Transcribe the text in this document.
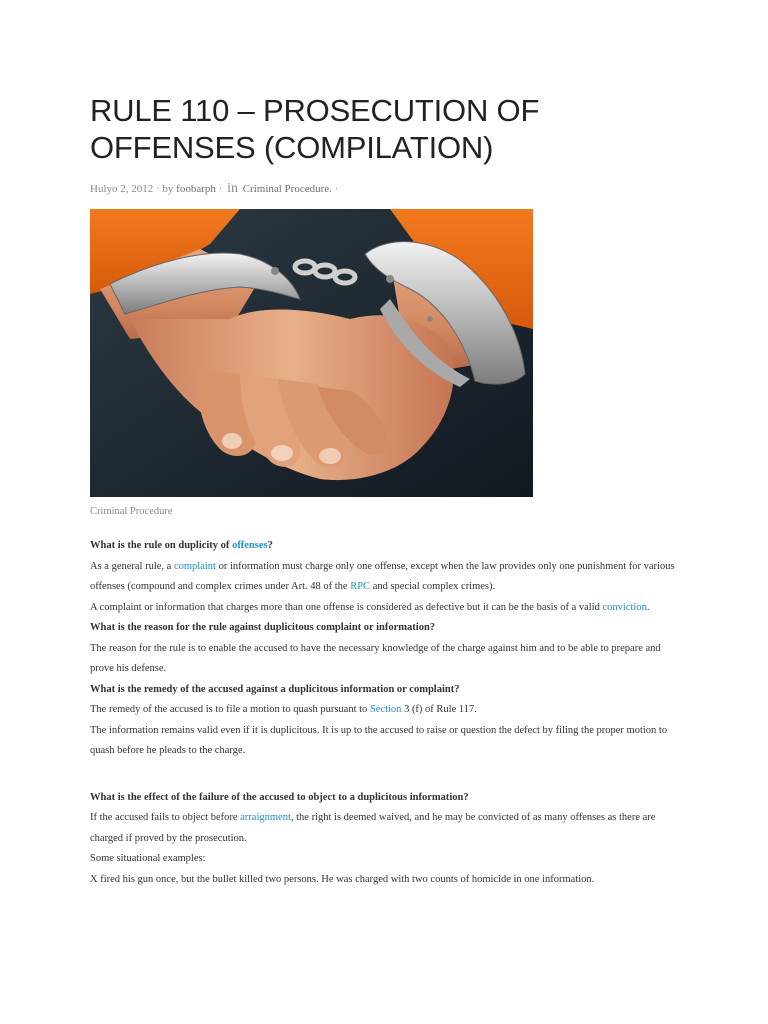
RULE 110 – PROSECUTION OF OFFENSES (COMPILATION)
Hulyo 2, 2012 · by foobarph · in Criminal Procedure. ·
Criminal Procedure

What is the rule on duplicity of offenses?

As a general rule, a complaint or information must charge only one offense, except when the law provides only one punishment for various offenses (compound and complex crimes under Art. 48 of the RPC and special complex crimes).

A complaint or information that charges more than one offense is considered as defective but it can be the basis of a valid conviction.

What is the reason for the rule against duplicitous complaint or information?

The reason for the rule is to enable the accused to have the necessary knowledge of the charge against him and to be able to prepare and prove his defense.

What is the remedy of the accused against a duplicitous information or complaint?

The remedy of the accused is to file a motion to quash pursuant to Section 3 (f) of Rule 117.

The information remains valid even if it is duplicitous. It is up to the accused to raise or question the defect by filing the proper motion to quash before he pleads to the charge.

What is the effect of the failure of the accused to object to a duplicitous information?

If the accused fails to object before arraignment, the right is deemed waived, and he may be convicted of as many offenses as there are charged if proved by the prosecution.

Some situational examples:

X fired his gun once, but the bullet killed two persons. He was charged with two counts of homicide in one information.
